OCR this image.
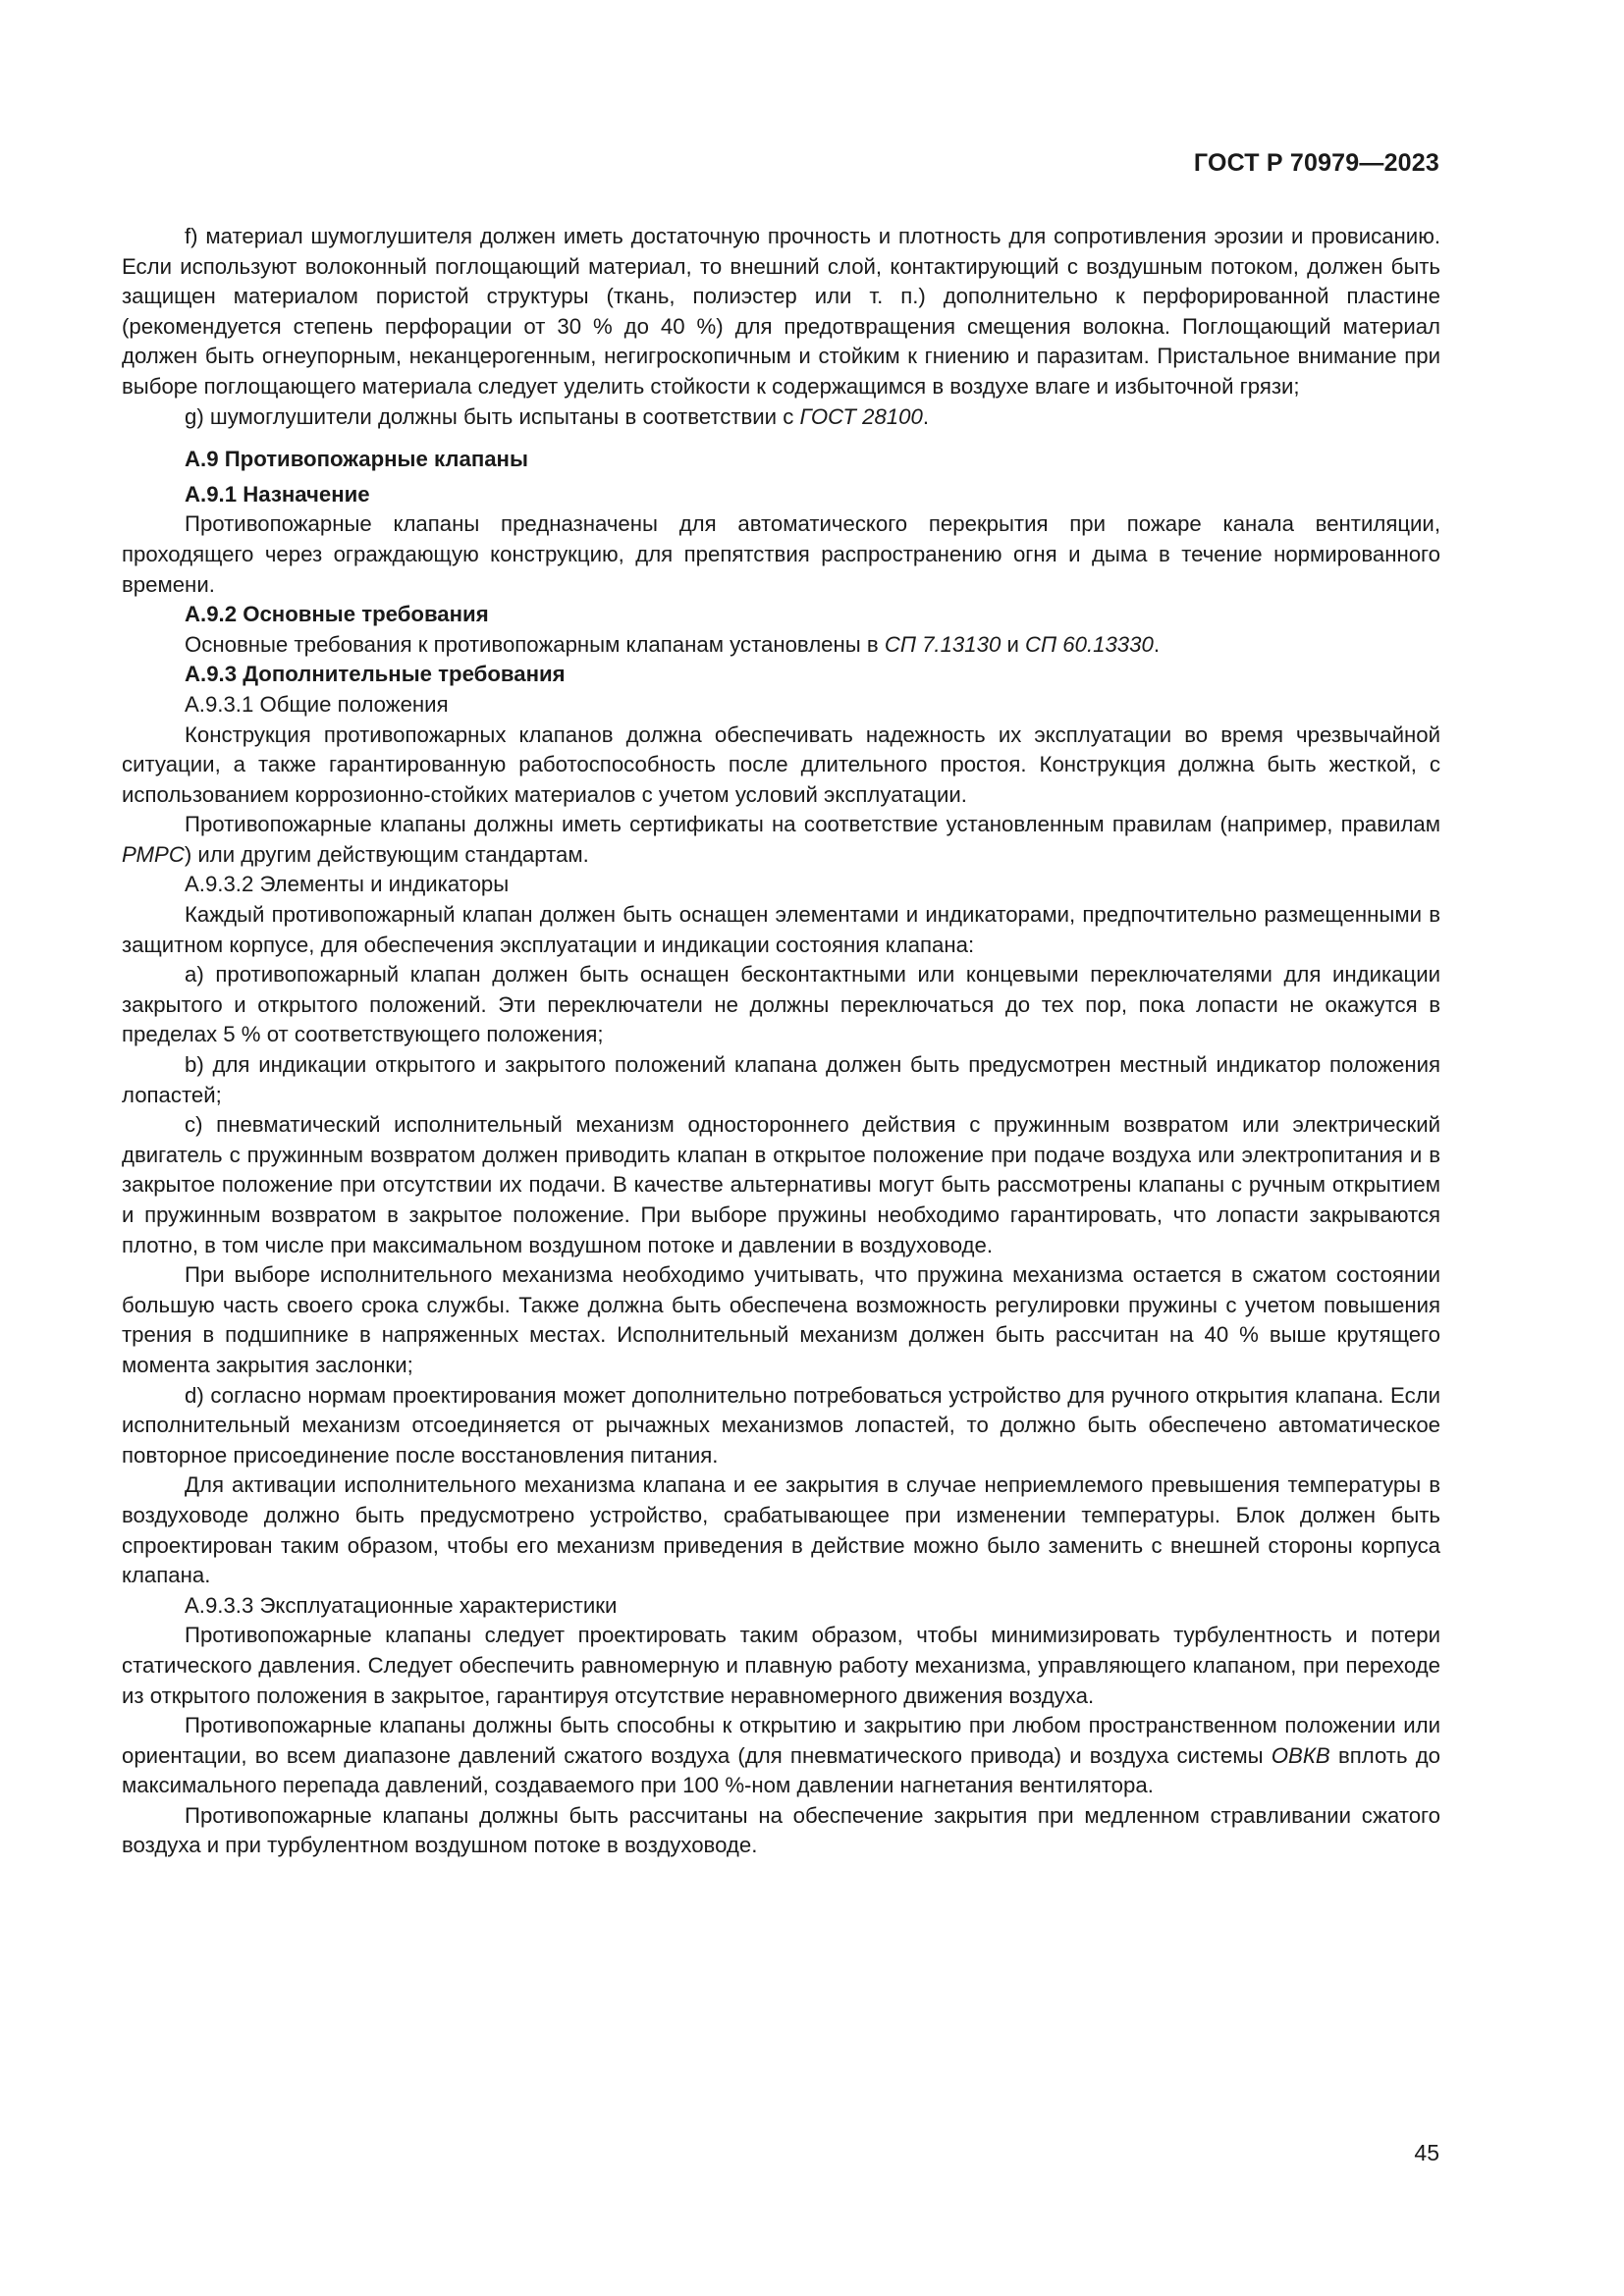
ГОСТ Р 70979—2023

f) материал шумоглушителя должен иметь достаточную прочность и плотность для сопротивления эрозии и провисанию. Если используют волоконный поглощающий материал, то внешний слой, контактирующий с воздушным потоком, должен быть защищен материалом пористой структуры (ткань, полиэстер или т. п.) дополнительно к перфорированной пластине (рекомендуется степень перфорации от 30 % до 40 %) для предотвращения смещения волокна. Поглощающий материал должен быть огнеупорным, неканцерогенным, негигроскопичным и стойким к гниению и паразитам. Пристальное внимание при выборе поглощающего материала следует уделить стойкости к содержащимся в воздухе влаге и избыточной грязи;

g) шумоглушители должны быть испытаны в соответствии с ГОСТ 28100.

А.9 Противопожарные клапаны

А.9.1 Назначение

Противопожарные клапаны предназначены для автоматического перекрытия при пожаре канала вентиляции, проходящего через ограждающую конструкцию, для препятствия распространению огня и дыма в течение нормированного времени.

А.9.2 Основные требования

Основные требования к противопожарным клапанам установлены в СП 7.13130 и СП 60.13330.

А.9.3 Дополнительные требования

А.9.3.1 Общие положения

Конструкция противопожарных клапанов должна обеспечивать надежность их эксплуатации во время чрезвычайной ситуации, а также гарантированную работоспособность после длительного простоя. Конструкция должна быть жесткой, с использованием коррозионно-стойких материалов с учетом условий эксплуатации.

Противопожарные клапаны должны иметь сертификаты на соответствие установленным правилам (например, правилам РМРС) или другим действующим стандартам.

А.9.3.2 Элементы и индикаторы

Каждый противопожарный клапан должен быть оснащен элементами и индикаторами, предпочтительно размещенными в защитном корпусе, для обеспечения эксплуатации и индикации состояния клапана:

a) противопожарный клапан должен быть оснащен бесконтактными или концевыми переключателями для индикации закрытого и открытого положений. Эти переключатели не должны переключаться до тех пор, пока лопасти не окажутся в пределах 5 % от соответствующего положения;

b) для индикации открытого и закрытого положений клапана должен быть предусмотрен местный индикатор положения лопастей;

c) пневматический исполнительный механизм одностороннего действия с пружинным возвратом или электрический двигатель с пружинным возвратом должен приводить клапан в открытое положение при подаче воздуха или электропитания и в закрытое положение при отсутствии их подачи. В качестве альтернативы могут быть рассмотрены клапаны с ручным открытием и пружинным возвратом в закрытое положение. При выборе пружины необходимо гарантировать, что лопасти закрываются плотно, в том числе при максимальном воздушном потоке и давлении в воздуховоде.

При выборе исполнительного механизма необходимо учитывать, что пружина механизма остается в сжатом состоянии большую часть своего срока службы. Также должна быть обеспечена возможность регулировки пружины с учетом повышения трения в подшипнике в напряженных местах. Исполнительный механизм должен быть рассчитан на 40 % выше крутящего момента закрытия заслонки;

d) согласно нормам проектирования может дополнительно потребоваться устройство для ручного открытия клапана. Если исполнительный механизм отсоединяется от рычажных механизмов лопастей, то должно быть обеспечено автоматическое повторное присоединение после восстановления питания.

Для активации исполнительного механизма клапана и ее закрытия в случае неприемлемого превышения температуры в воздуховоде должно быть предусмотрено устройство, срабатывающее при изменении температуры. Блок должен быть спроектирован таким образом, чтобы его механизм приведения в действие можно было заменить с внешней стороны корпуса клапана.

А.9.3.3 Эксплуатационные характеристики

Противопожарные клапаны следует проектировать таким образом, чтобы минимизировать турбулентность и потери статического давления. Следует обеспечить равномерную и плавную работу механизма, управляющего клапаном, при переходе из открытого положения в закрытое, гарантируя отсутствие неравномерного движения воздуха.

Противопожарные клапаны должны быть способны к открытию и закрытию при любом пространственном положении или ориентации, во всем диапазоне давлений сжатого воздуха (для пневматического привода) и воздуха системы ОВКВ вплоть до максимального перепада давлений, создаваемого при 100 %-ном давлении нагнетания вентилятора.

Противопожарные клапаны должны быть рассчитаны на обеспечение закрытия при медленном стравливании сжатого воздуха и при турбулентном воздушном потоке в воздуховоде.

45
